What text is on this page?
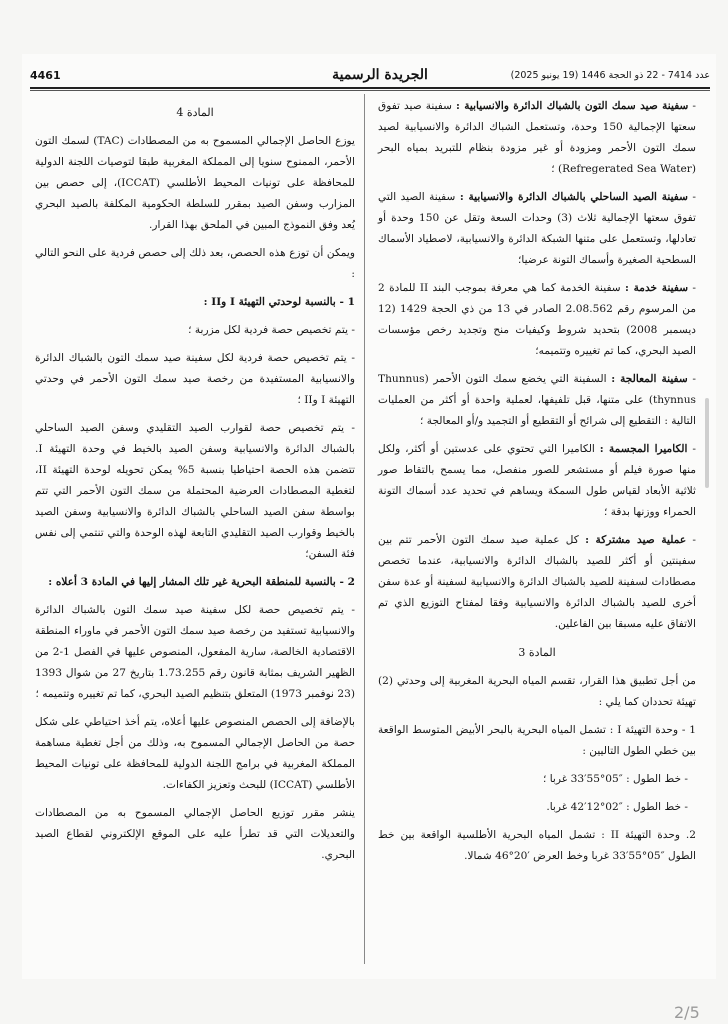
4461	الجريدة الرسمية	عدد 7414 - 22 ذو الحجة 1446 (19 يونيو 2025)

- سفينة صيد سمك التون بالشباك الدائرة والانسيابية : سفينة صيد تفوق سعتها الإجمالية 150 وحدة، وتستعمل الشباك الدائرة والانسيابية لصيد سمك التون الأحمر ومزودة أو غير مزودة بنظام للتبريد بمياه البحر (Refregerated Sea Water) ؛

- سفينة الصيد الساحلي بالشباك الدائرة والانسيابية : سفينة الصيد التي تفوق سعتها الإجمالية ثلاث (3) وحدات السعة وتقل عن 150 وحدة أو تعادلها، وتستعمل على متنها الشبكة الدائرة والانسيابية، لاصطياد الأسماك السطحية الصغيرة وأسماك التونة عرضيا؛

- سفينة خدمة : سفينة الخدمة كما هي معرفة بموجب البند II للمادة 2 من المرسوم رقم 2.08.562 الصادر في 13 من ذي الحجة 1429 (12 ديسمبر 2008) بتحديد شروط وكيفيات منح وتجديد رخص مؤسسات الصيد البحري، كما تم تغييره وتتميمه؛

- سفينة المعالجة : السفينة التي يخضع سمك التون الأحمر (Thunnus thynnus) على متنها، قبل تلفيفها، لعملية واحدة أو أكثر من العمليات التالية : التقطيع إلى شرائح أو التقطيع أو التجميد و/أو المعالجة ؛

- الكاميرا المجسمة : الكاميرا التي تحتوي على عدستين أو أكثر، ولكل منها صورة فيلم أو مستشعر للصور منفصل، مما يسمح بالتقاط صور ثلاثية الأبعاد لقياس طول السمكة ويساهم في تحديد عدد أسماك التونة الحمراء ووزنها بدقة ؛

- عملية صيد مشتركة : كل عملية صيد سمك التون الأحمر تتم بين سفينتين أو أكثر للصيد بالشباك الدائرة والانسيابية، عندما تخصص مصطادات لسفينة للصيد بالشباك الدائرة والانسيابية لسفينة أو عدة سفن أخرى للصيد بالشباك الدائرة والانسيابية وفقا لمفتاح التوزيع الذي تم الاتفاق عليه مسبقا بين الفاعلين.

المادة 3

من أجل تطبيق هذا القرار، تقسم المياه البحرية المغربية إلى وحدتي (2) تهيئة تحددان كما يلي :

1 - وحدة التهيئة I : تشمل المياه البحرية بالبحر الأبيض المتوسط الواقعة بين خطي الطول التاليين :

- خط الطول : ″05°55′33 غربا ؛

- خط الطول : ″02°12′42 غربا.

2. وحدة التهيئة II : تشمل المياه البحرية الأطلسية الواقعة بين خط الطول ″05°55′33 غربا وخط العرض ′20°46 شمالا.

المادة 4

يوزع الحاصل الإجمالي المسموح به من المصطادات (TAC) لسمك التون الأحمر، الممنوح سنويا إلى المملكة المغربية طبقا لتوصيات اللجنة الدولية للمحافظة على تونيات المحيط الأطلسي (ICCAT)، إلى حصص بين المزارب وسفن الصيد بمقرر للسلطة الحكومية المكلفة بالصيد البحري يُعد وفق النموذج المبين في الملحق بهذا القرار.

ويمكن أن توزع هذه الحصص، بعد ذلك إلى حصص فردية على النحو التالي :

1 - بالنسبة لوحدتي التهيئة I وII :

- يتم تخصيص حصة فردية لكل مزربة ؛

- يتم تخصيص حصة فردية لكل سفينة صيد سمك التون بالشباك الدائرة والانسيابية المستفيدة من رخصة صيد سمك التون الأحمر في وحدتي التهيئة I وII ؛

- يتم تخصيص حصة لقوارب الصيد التقليدي وسفن الصيد الساحلي بالشباك الدائرة والانسيابية وسفن الصيد بالخيط في وحدة التهيئة I. تتضمن هذه الحصة احتياطيا بنسبة 5% يمكن تحويله لوحدة التهيئة II، لتغطية المصطادات العرضية المحتملة من سمك التون الأحمر التي تتم بواسطة سفن الصيد الساحلي بالشباك الدائرة والانسيابية وسفن الصيد بالخيط وقوارب الصيد التقليدي التابعة لهذه الوحدة والتي تنتمي إلى نفس فئة السفن؛

2 - بالنسبة للمنطقة البحرية غير تلك المشار إليها في المادة 3 أعلاه :

- يتم تخصيص حصة لكل سفينة صيد سمك التون بالشباك الدائرة والانسيابية تستفيد من رخصة صيد سمك التون الأحمر في ماوراء المنطقة الاقتصادية الخالصة، سارية المفعول، المنصوص عليها في الفصل 1-2 من الظهير الشريف بمثابة قانون رقم 1.73.255 بتاريخ 27 من شوال 1393 (23 نوفمبر 1973) المتعلق بتنظيم الصيد البحري، كما تم تغييره وتتميمه ؛

بالإضافة إلى الحصص المنصوص عليها أعلاه، يتم أخذ احتياطي على شكل حصة من الحاصل الإجمالي المسموح به، وذلك من أجل تغطية مساهمة المملكة المغربية في برامج اللجنة الدولية للمحافظة على تونيات المحيط الأطلسي (ICCAT) للبحث وتعزيز الكفاءات.

ينشر مقرر توزيع الحاصل الإجمالي المسموح به من المصطادات والتعديلات التي قد تطرأ عليه على الموقع الإلكتروني لقطاع الصيد البحري.

2/5
